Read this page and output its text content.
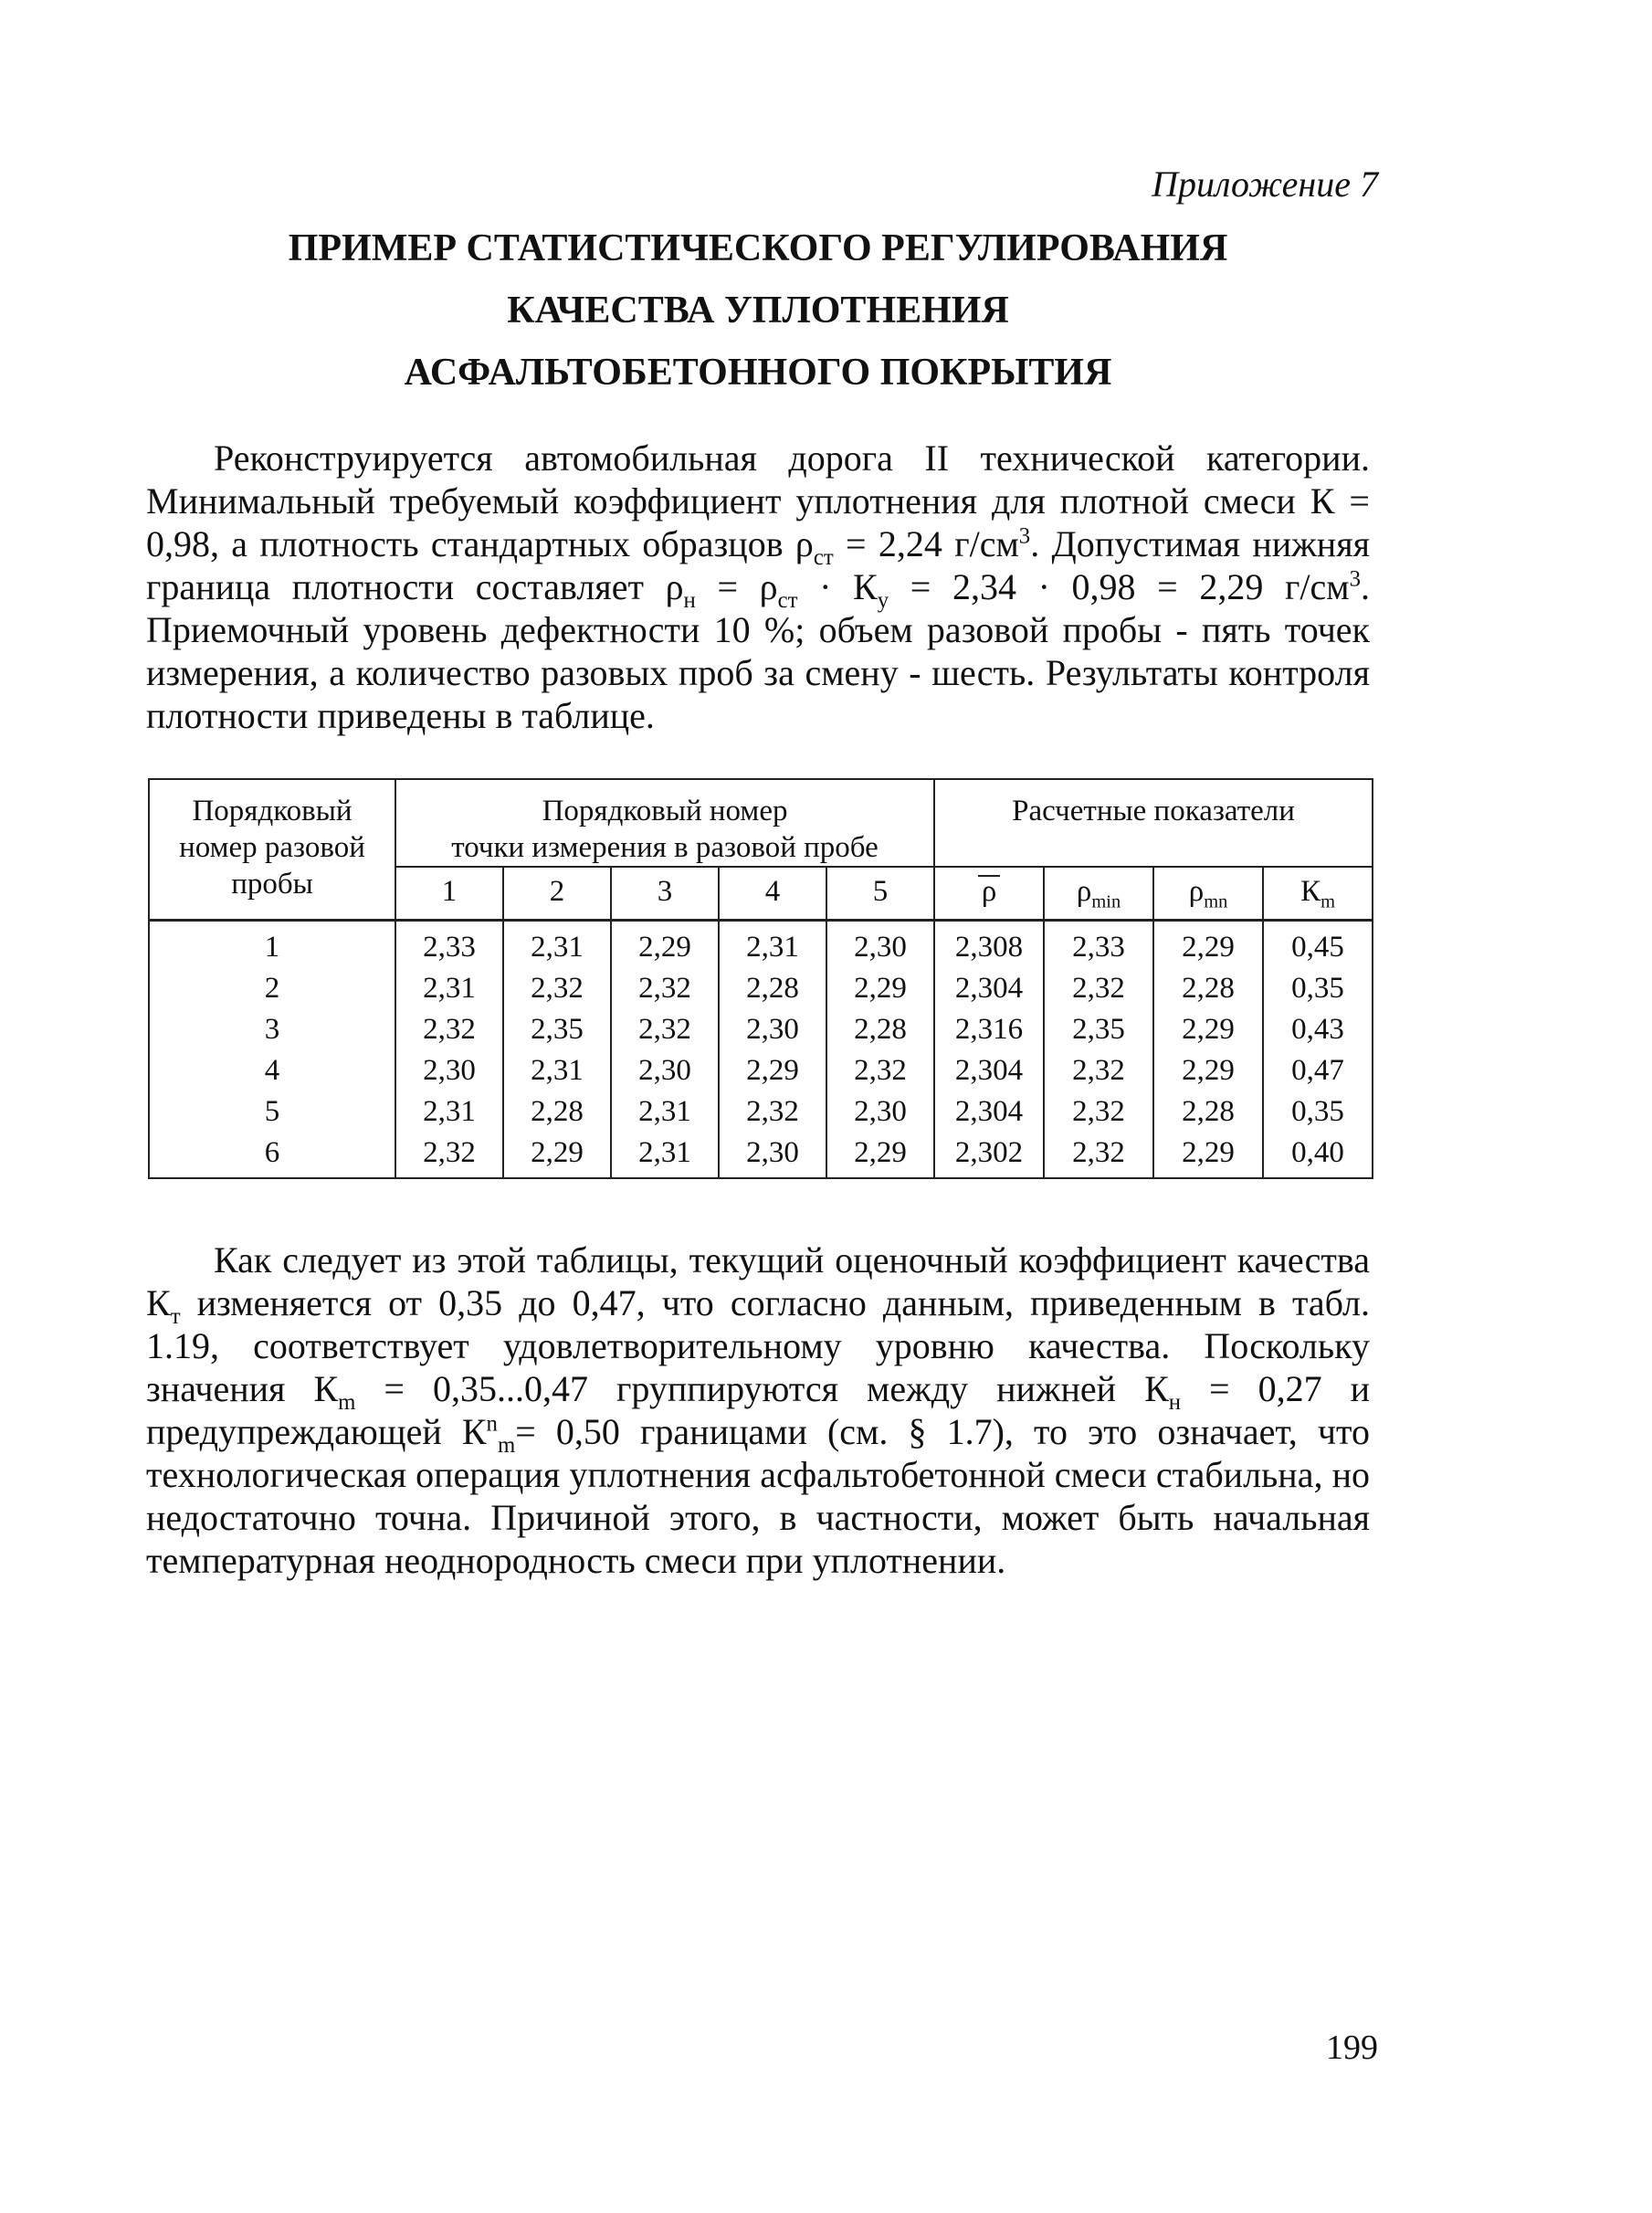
Приложение 7
ПРИМЕР СТАТИСТИЧЕСКОГО РЕГУЛИРОВАНИЯ
КАЧЕСТВА УПЛОТНЕНИЯ
АСФАЛЬТОБЕТОННОГО ПОКРЫТИЯ
Реконструируется автомобильная дорога II технической категории. Минимальный требуемый коэффициент уплотнения для плотной смеси К = 0,98, а плотность стандартных образцов $\rho_{ст} = 2,24$ $г/см^3$. Допустимая нижняя граница плотности составляет $\rho_н = \rho_{ст} \cdot К_у = 2,34 \cdot 0,98 = 2,29$ $г/см^3$. Приемочный уровень дефектности 10 %; объем разовой пробы - пять точек измерения, а количество разовых проб за смену - шесть. Результаты контроля плотности приведены в таблице.
Порядковый номер разовой пробы	Порядковый номер
точки измерения в разовой пробе					Расчетные показатели			
	1	2	3	4	5	ρ	$\rho_{min}$	$\rho_{mn}$	$К_m$
1	2,33	2,31	2,29	2,31	2,30	2,308	2,33	2,29	0,45
2	2,31	2,32	2,32	2,28	2,29	2,304	2,32	2,28	0,35
3	2,32	2,35	2,32	2,30	2,28	2,316	2,35	2,29	0,43
4	2,30	2,31	2,30	2,29	2,32	2,304	2,32	2,29	0,47
5	2,31	2,28	2,31	2,32	2,30	2,304	2,32	2,28	0,35
6	2,32	2,29	2,31	2,30	2,29	2,302	2,32	2,29	0,40
Как следует из этой таблицы, текущий оценочный коэффициент качества $К_т$ изменяется от 0,35 до 0,47, что согласно данным, приведенным в табл. 1.19, соответствует удовлетворительному уровню качества. Поскольку значения $К_m = 0,35...0,47$ группируются между нижней $К_н = 0,27$ и предупреждающей $К^n_m= 0,50$ границами (см. § 1.7), то это означает, что технологическая операция уплотнения асфальтобетонной смеси стабильна, но недостаточно точна. Причиной этого, в частности, может быть начальная температурная неоднородность смеси при уплотнении.
199
